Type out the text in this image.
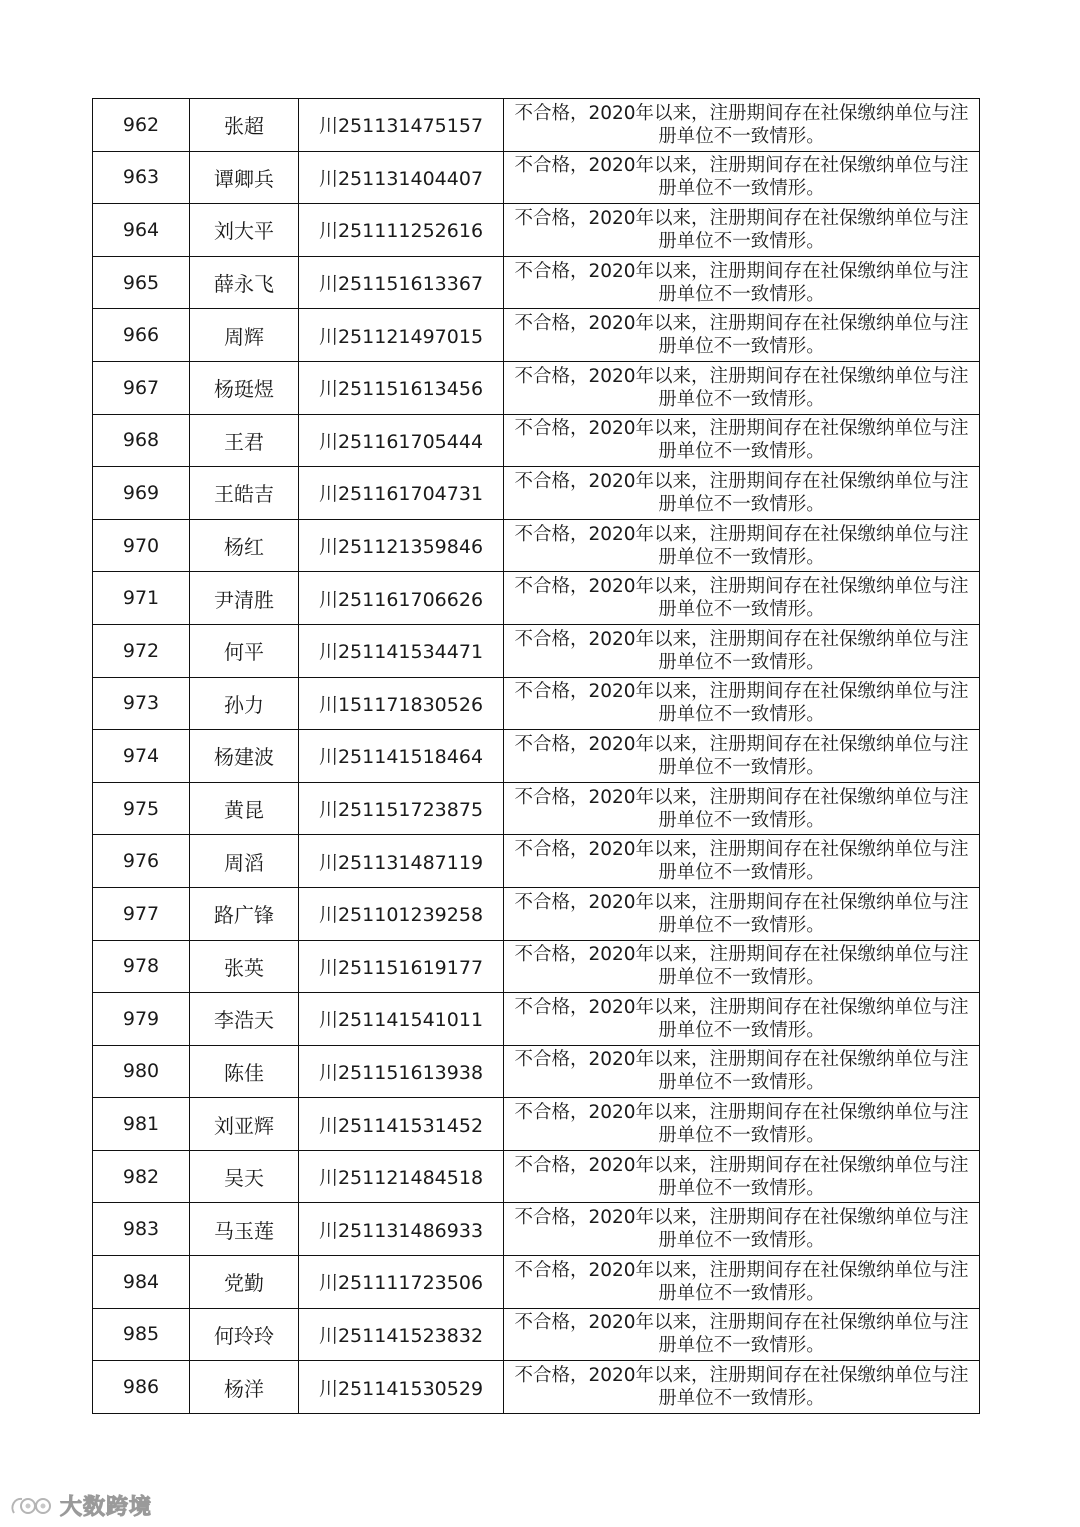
962	张超	川251131475157	不合格，2020年以来，注册期间存在社保缴纳单位与注册单位不一致情形。
963	谭卿兵	川251131404407	不合格，2020年以来，注册期间存在社保缴纳单位与注册单位不一致情形。
964	刘大平	川251111252616	不合格，2020年以来，注册期间存在社保缴纳单位与注册单位不一致情形。
965	薛永飞	川251151613367	不合格，2020年以来，注册期间存在社保缴纳单位与注册单位不一致情形。
966	周辉	川251121497015	不合格，2020年以来，注册期间存在社保缴纳单位与注册单位不一致情形。
967	杨珽煜	川251151613456	不合格，2020年以来，注册期间存在社保缴纳单位与注册单位不一致情形。
968	王君	川251161705444	不合格，2020年以来，注册期间存在社保缴纳单位与注册单位不一致情形。
969	王皓吉	川251161704731	不合格，2020年以来，注册期间存在社保缴纳单位与注册单位不一致情形。
970	杨红	川251121359846	不合格，2020年以来，注册期间存在社保缴纳单位与注册单位不一致情形。
971	尹清胜	川251161706626	不合格，2020年以来，注册期间存在社保缴纳单位与注册单位不一致情形。
972	何平	川251141534471	不合格，2020年以来，注册期间存在社保缴纳单位与注册单位不一致情形。
973	孙力	川151171830526	不合格，2020年以来，注册期间存在社保缴纳单位与注册单位不一致情形。
974	杨建波	川251141518464	不合格，2020年以来，注册期间存在社保缴纳单位与注册单位不一致情形。
975	黄昆	川251151723875	不合格，2020年以来，注册期间存在社保缴纳单位与注册单位不一致情形。
976	周滔	川251131487119	不合格，2020年以来，注册期间存在社保缴纳单位与注册单位不一致情形。
977	路广锋	川251101239258	不合格，2020年以来，注册期间存在社保缴纳单位与注册单位不一致情形。
978	张英	川251151619177	不合格，2020年以来，注册期间存在社保缴纳单位与注册单位不一致情形。
979	李浩天	川251141541011	不合格，2020年以来，注册期间存在社保缴纳单位与注册单位不一致情形。
980	陈佳	川251151613938	不合格，2020年以来，注册期间存在社保缴纳单位与注册单位不一致情形。
981	刘亚辉	川251141531452	不合格，2020年以来，注册期间存在社保缴纳单位与注册单位不一致情形。
982	吴天	川251121484518	不合格，2020年以来，注册期间存在社保缴纳单位与注册单位不一致情形。
983	马玉莲	川251131486933	不合格，2020年以来，注册期间存在社保缴纳单位与注册单位不一致情形。
984	党勤	川251111723506	不合格，2020年以来，注册期间存在社保缴纳单位与注册单位不一致情形。
985	何玲玲	川251141523832	不合格，2020年以来，注册期间存在社保缴纳单位与注册单位不一致情形。
986	杨洋	川251141530529	不合格，2020年以来，注册期间存在社保缴纳单位与注册单位不一致情形。
大数跨境
